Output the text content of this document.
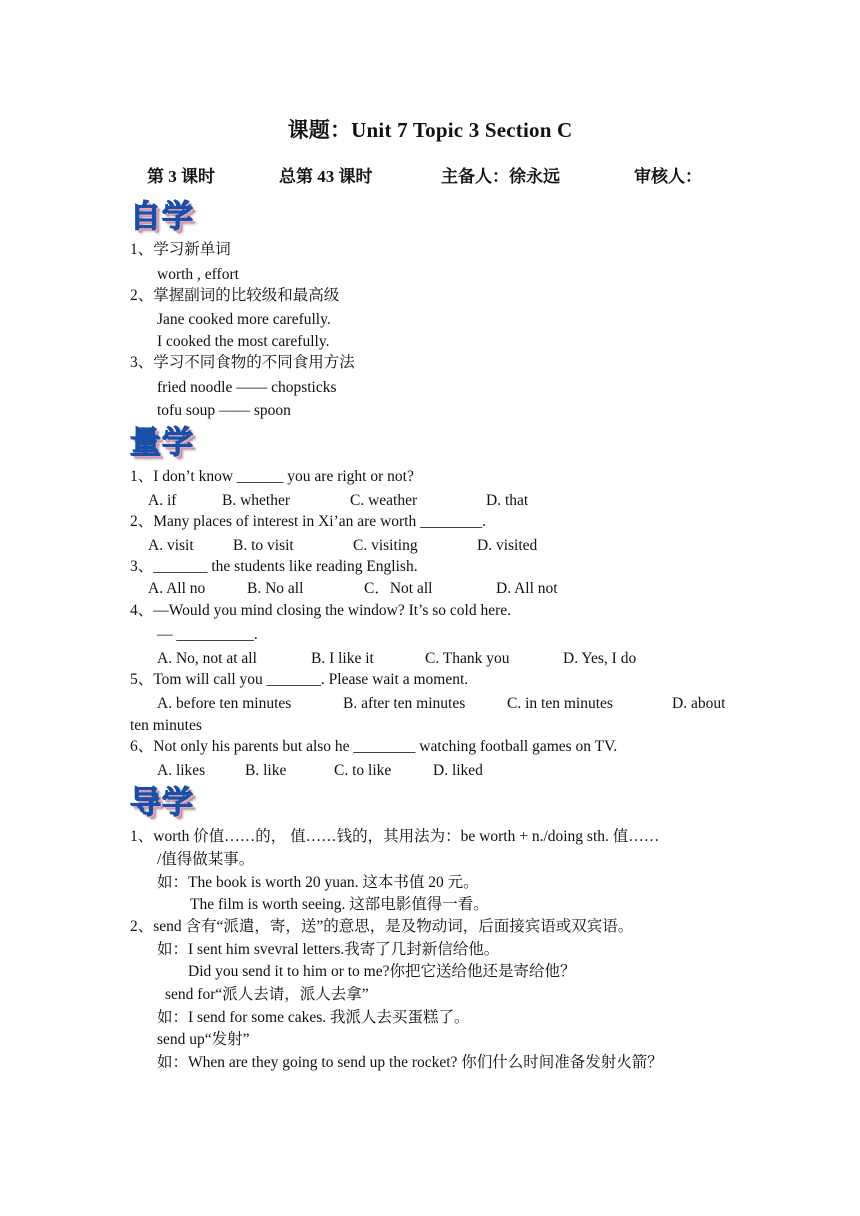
课题：Unit 7 Topic 3 Section C
第 3 课时	总第 43 课时	主备人：徐永远	审核人：
自学
1、学习新单词
worth , effort
2、掌握副词的比较级和最高级
Jane cooked more carefully.
I cooked the most carefully.
3、学习不同食物的不同食用方法
fried noodle —— chopsticks
tofu soup —— spoon
量学
1、I don’t know ______ you are right or not?
A. if	B. whether	C. weather	D. that
2、Many places of interest in Xi’an are worth ________.
A. visit	B. to visit	C. visiting	D. visited
3、_______ the students like reading English.
A. All no	B. No all	C．Not all	D. All not
4、—Would you mind closing the window? It’s so cold here.
— __________.
A. No, not at all	B. I like it	C. Thank you	D. Yes, I do
5、Tom will call you _______. Please wait a moment.
A. before ten minutes	B. after ten minutes	C. in ten minutes	D. about
ten minutes
6、Not only his parents but also he ________ watching football games on TV.
A. likes	B. like	C. to like	D. liked
导学
1、worth 价值……的， 值……钱的，其用法为：be worth + n./doing sth. 值……
/值得做某事。
如：The book is worth 20 yuan. 这本书值 20 元。
The film is worth seeing. 这部电影值得一看。
2、send 含有“派遣，寄，送”的意思，是及物动词，后面接宾语或双宾语。
如：I sent him svevral letters.我寄了几封新信给他。
Did you send it to him or to me?你把它送给他还是寄给他？
send for“派人去请，派人去拿”
如：I send for some cakes. 我派人去买蛋糕了。
send up“发射”
如：When are they going to send up the rocket? 你们什么时间准备发射火箭？
